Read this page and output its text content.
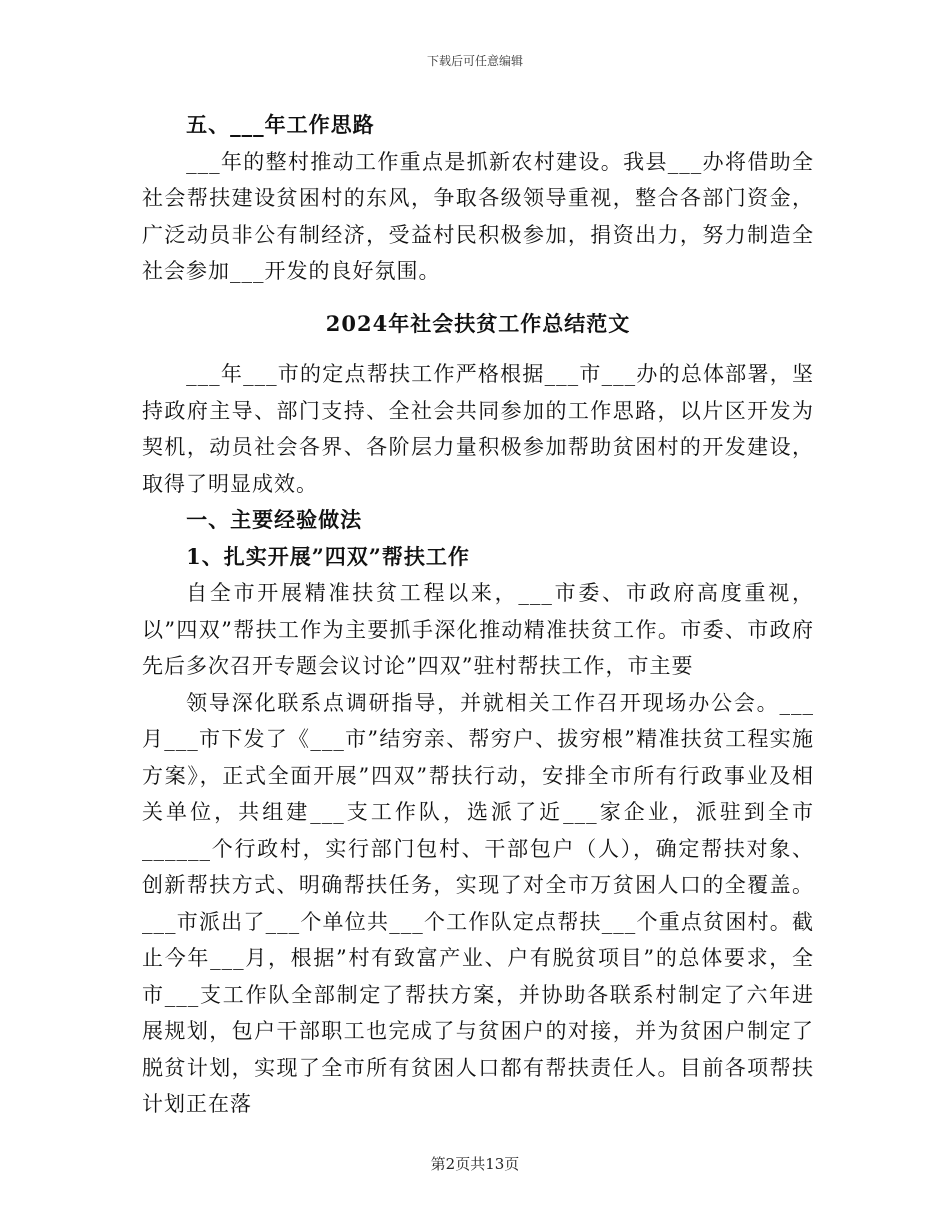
下载后可任意编辑

五、___年工作思路

___年的整村推动工作重点是抓新农村建设。我县___办将借助全社会帮扶建设贫困村的东风，争取各级领导重视，整合各部门资金，广泛动员非公有制经济，受益村民积极参加，捐资出力，努力制造全社会参加___开发的良好氛围。

2024年社会扶贫工作总结范文

___年___市的定点帮扶工作严格根据___市___办的总体部署，坚持政府主导、部门支持、全社会共同参加的工作思路，以片区开发为契机，动员社会各界、各阶层力量积极参加帮助贫困村的开发建设，取得了明显成效。

一、主要经验做法

1、扎实开展”四双”帮扶工作

自全市开展精准扶贫工程以来，___市委、市政府高度重视，以”四双”帮扶工作为主要抓手深化推动精准扶贫工作。市委、市政府先后多次召开专题会议讨论”四双”驻村帮扶工作，市主要

领导深化联系点调研指导，并就相关工作召开现场办公会。___月___市下发了《___市”结穷亲、帮穷户、拔穷根”精准扶贫工程实施方案》，正式全面开展”四双”帮扶行动，安排全市所有行政事业及相关单位，共组建___支工作队，选派了近___家企业，派驻到全市______个行政村，实行部门包村、干部包户（人），确定帮扶对象、创新帮扶方式、明确帮扶任务，实现了对全市万贫困人口的全覆盖。___市派出了___个单位共___个工作队定点帮扶___个重点贫困村。截止今年___月，根据”村有致富产业、户有脱贫项目”的总体要求，全市___支工作队全部制定了帮扶方案，并协助各联系村制定了六年进展规划，包户干部职工也完成了与贫困户的对接，并为贫困户制定了脱贫计划，实现了全市所有贫困人口都有帮扶责任人。目前各项帮扶计划正在落

第2页共13页
